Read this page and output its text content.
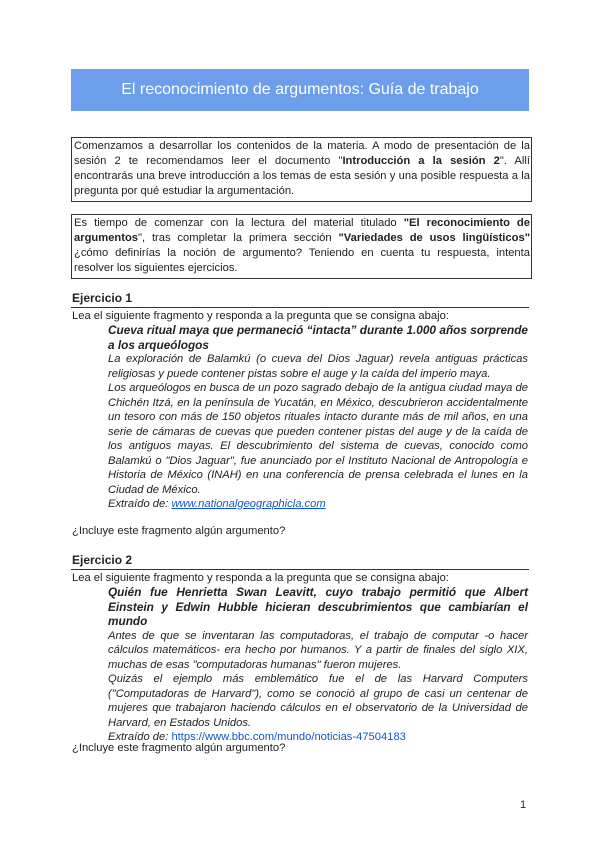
El reconocimiento de argumentos: Guía de trabajo
Comenzamos a desarrollar los contenidos de la materia. A modo de presentación de la sesión 2 te recomendamos leer el documento "Introducción a la sesión 2". Allí encontrarás una breve introducción a los temas de esta sesión y una posible respuesta a la pregunta por qué estudiar la argumentación.
Es tiempo de comenzar con la lectura del material titulado "El reconocimiento de argumentos", tras completar la primera sección "Variedades de usos lingüísticos" ¿cómo definirías la noción de argumento? Teniendo en cuenta tu respuesta, intenta resolver los siguientes ejercicios.
Ejercicio 1
Lea el siguiente fragmento y responda a la pregunta que se consigna abajo:

Cueva ritual maya que permaneció “intacta” durante 1.000 años sorprende a los arqueólogos

La exploración de Balamkú (o cueva del Dios Jaguar) revela antiguas prácticas religiosas y puede contener pistas sobre el auge y la caída del imperio maya.

Los arqueólogos en busca de un pozo sagrado debajo de la antigua ciudad maya de Chichén Itzá, en la península de Yucatán, en México, descubrieron accidentalmente un tesoro con más de 150 objetos rituales intacto durante más de mil años, en una serie de cámaras de cuevas que pueden contener pistas del auge y de la caída de los antiguos mayas. El descubrimiento del sistema de cuevas, conocido como Balamkú o "Dios Jaguar", fue anunciado por el Instituto Nacional de Antropología e Historia de México (INAH) en una conferencia de prensa celebrada el lunes en la Ciudad de México.

Extraído de: www.nationalgeographicla.com

¿Incluye este fragmento algún argumento?
Ejercicio 2
Lea el siguiente fragmento y responda a la pregunta que se consigna abajo:

Quién fue Henrietta Swan Leavitt, cuyo trabajo permitió que Albert Einstein y Edwin Hubble hicieran descubrimientos que cambiarían el mundo

Antes de que se inventaran las computadoras, el trabajo de computar -o hacer cálculos matemáticos- era hecho por humanos. Y a partir de finales del siglo XIX, muchas de esas "computadoras humanas" fueron mujeres.

Quizás el ejemplo más emblemático fue el de las Harvard Computers ("Computadoras de Harvard"), como se conoció al grupo de casi un centenar de mujeres que trabajaron haciendo cálculos en el observatorio de la Universidad de Harvard, en Estados Unidos.

Extraído de: https://www.bbc.com/mundo/noticias-47504183

¿Incluye este fragmento algún argumento?
1
